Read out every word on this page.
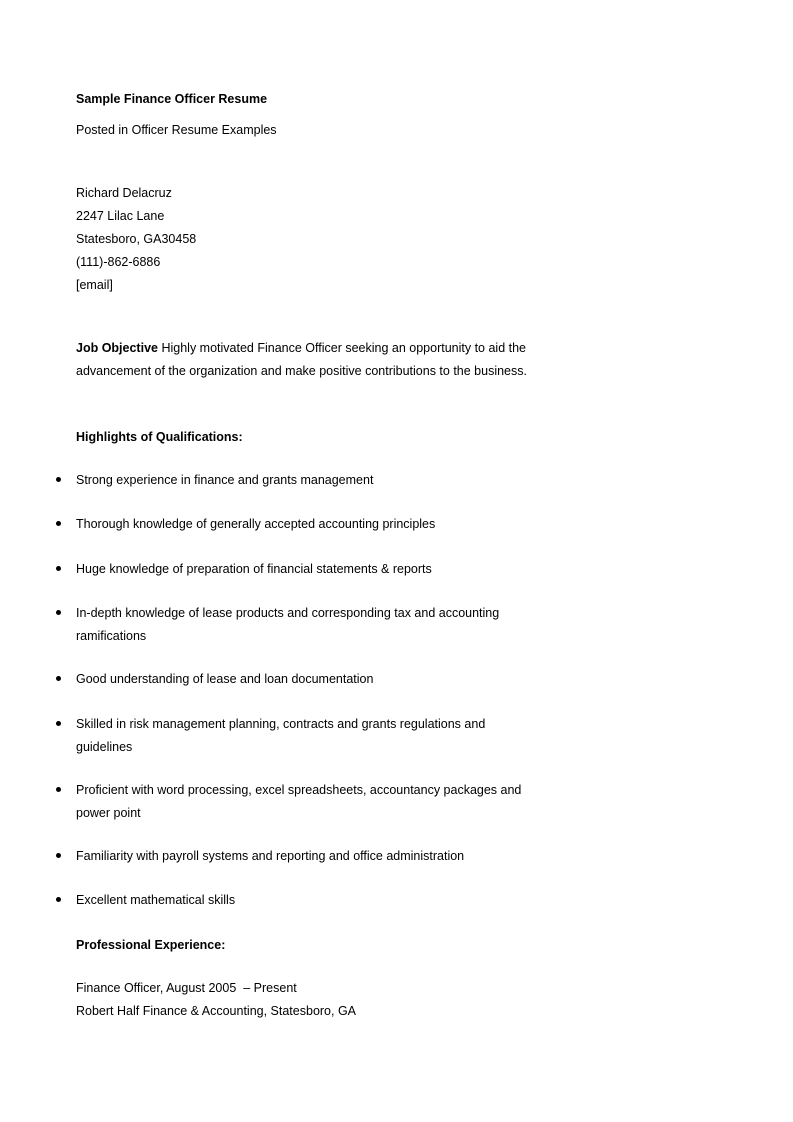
Sample Finance Officer Resume
Posted in Officer Resume Examples
Richard Delacruz
2247 Lilac Lane
Statesboro, GA30458
(111)-862-6886
[email]

Job Objective Highly motivated Finance Officer seeking an opportunity to aid the advancement of the organization and make positive contributions to the business.

Highlights of Qualifications:
Strong experience in finance and grants management
Thorough knowledge of generally accepted accounting principles
Huge knowledge of preparation of financial statements & reports
In-depth knowledge of lease products and corresponding tax and accounting ramifications
Good understanding of lease and loan documentation
Skilled in risk management planning, contracts and grants regulations and guidelines
Proficient with word processing, excel spreadsheets, accountancy packages and power point
Familiarity with payroll systems and reporting and office administration
Excellent mathematical skills
Professional Experience:
Finance Officer, August 2005  – Present
Robert Half Finance & Accounting, Statesboro, GA
